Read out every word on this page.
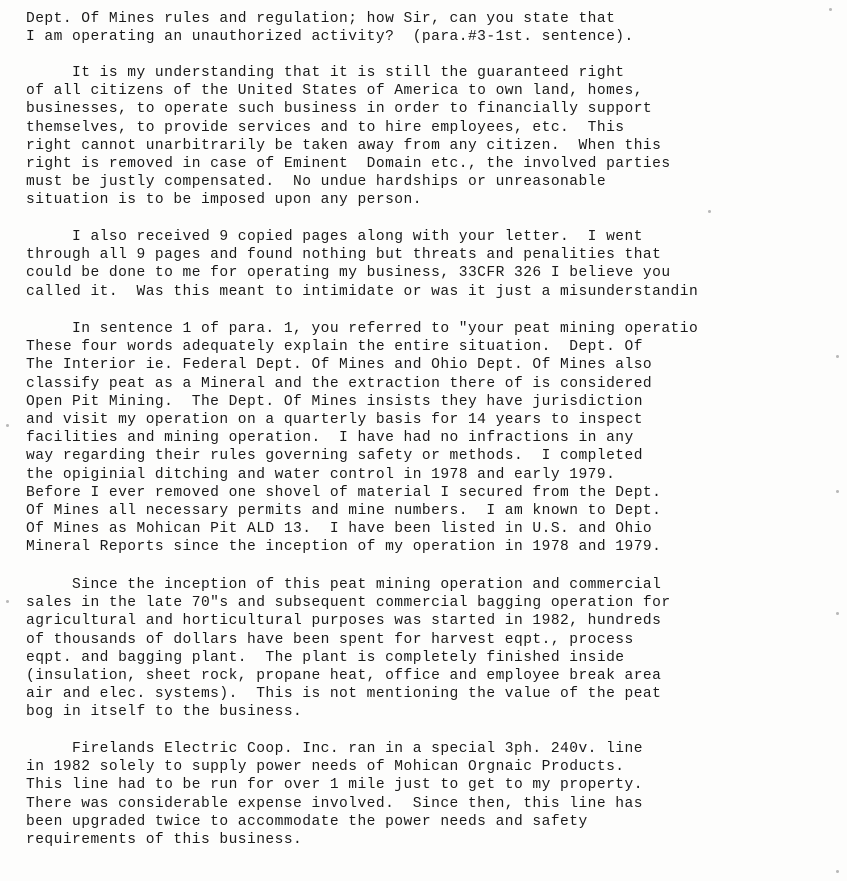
Dept. Of Mines rules and regulation; how Sir, can you state that
I am operating an unauthorized activity?  (para.#3-1st. sentence).
It is my understanding that it is still the guaranteed right
of all citizens of the United States of America to own land, homes,
businesses, to operate such business in order to financially support
themselves, to provide services and to hire employees, etc.  This
right cannot unarbitrarily be taken away from any citizen.  When this
right is removed in case of Eminent  Domain etc., the involved parties
must be justly compensated.  No undue hardships or unreasonable
situation is to be imposed upon any person.
I also received 9 copied pages along with your letter.  I went
through all 9 pages and found nothing but threats and penalities that
could be done to me for operating my business, 33CFR 326 I believe you
called it.  Was this meant to intimidate or was it just a misunderstandin
In sentence 1 of para. 1, you referred to "your peat mining operatio
These four words adequately explain the entire situation.  Dept. Of
The Interior ie. Federal Dept. Of Mines and Ohio Dept. Of Mines also
classify peat as a Mineral and the extraction there of is considered
Open Pit Mining.  The Dept. Of Mines insists they have jurisdiction
and visit my operation on a quarterly basis for 14 years to inspect
facilities and mining operation.  I have had no infractions in any
way regarding their rules governing safety or methods.  I completed
the opiginial ditching and water control in 1978 and early 1979.
Before I ever removed one shovel of material I secured from the Dept.
Of Mines all necessary permits and mine numbers.  I am known to Dept.
Of Mines as Mohican Pit ALD 13.  I have been listed in U.S. and Ohio
Mineral Reports since the inception of my operation in 1978 and 1979.
Since the inception of this peat mining operation and commercial
sales in the late 70"s and subsequent commercial bagging operation for
agricultural and horticultural purposes was started in 1982, hundreds
of thousands of dollars have been spent for harvest eqpt., process
eqpt. and bagging plant.  The plant is completely finished inside
(insulation, sheet rock, propane heat, office and employee break area
air and elec. systems).  This is not mentioning the value of the peat
bog in itself to the business.
Firelands Electric Coop. Inc. ran in a special 3ph. 240v. line
in 1982 solely to supply power needs of Mohican Orgnaic Products.
This line had to be run for over 1 mile just to get to my property.
There was considerable expense involved.  Since then, this line has
been upgraded twice to accommodate the power needs and safety
requirements of this business.
